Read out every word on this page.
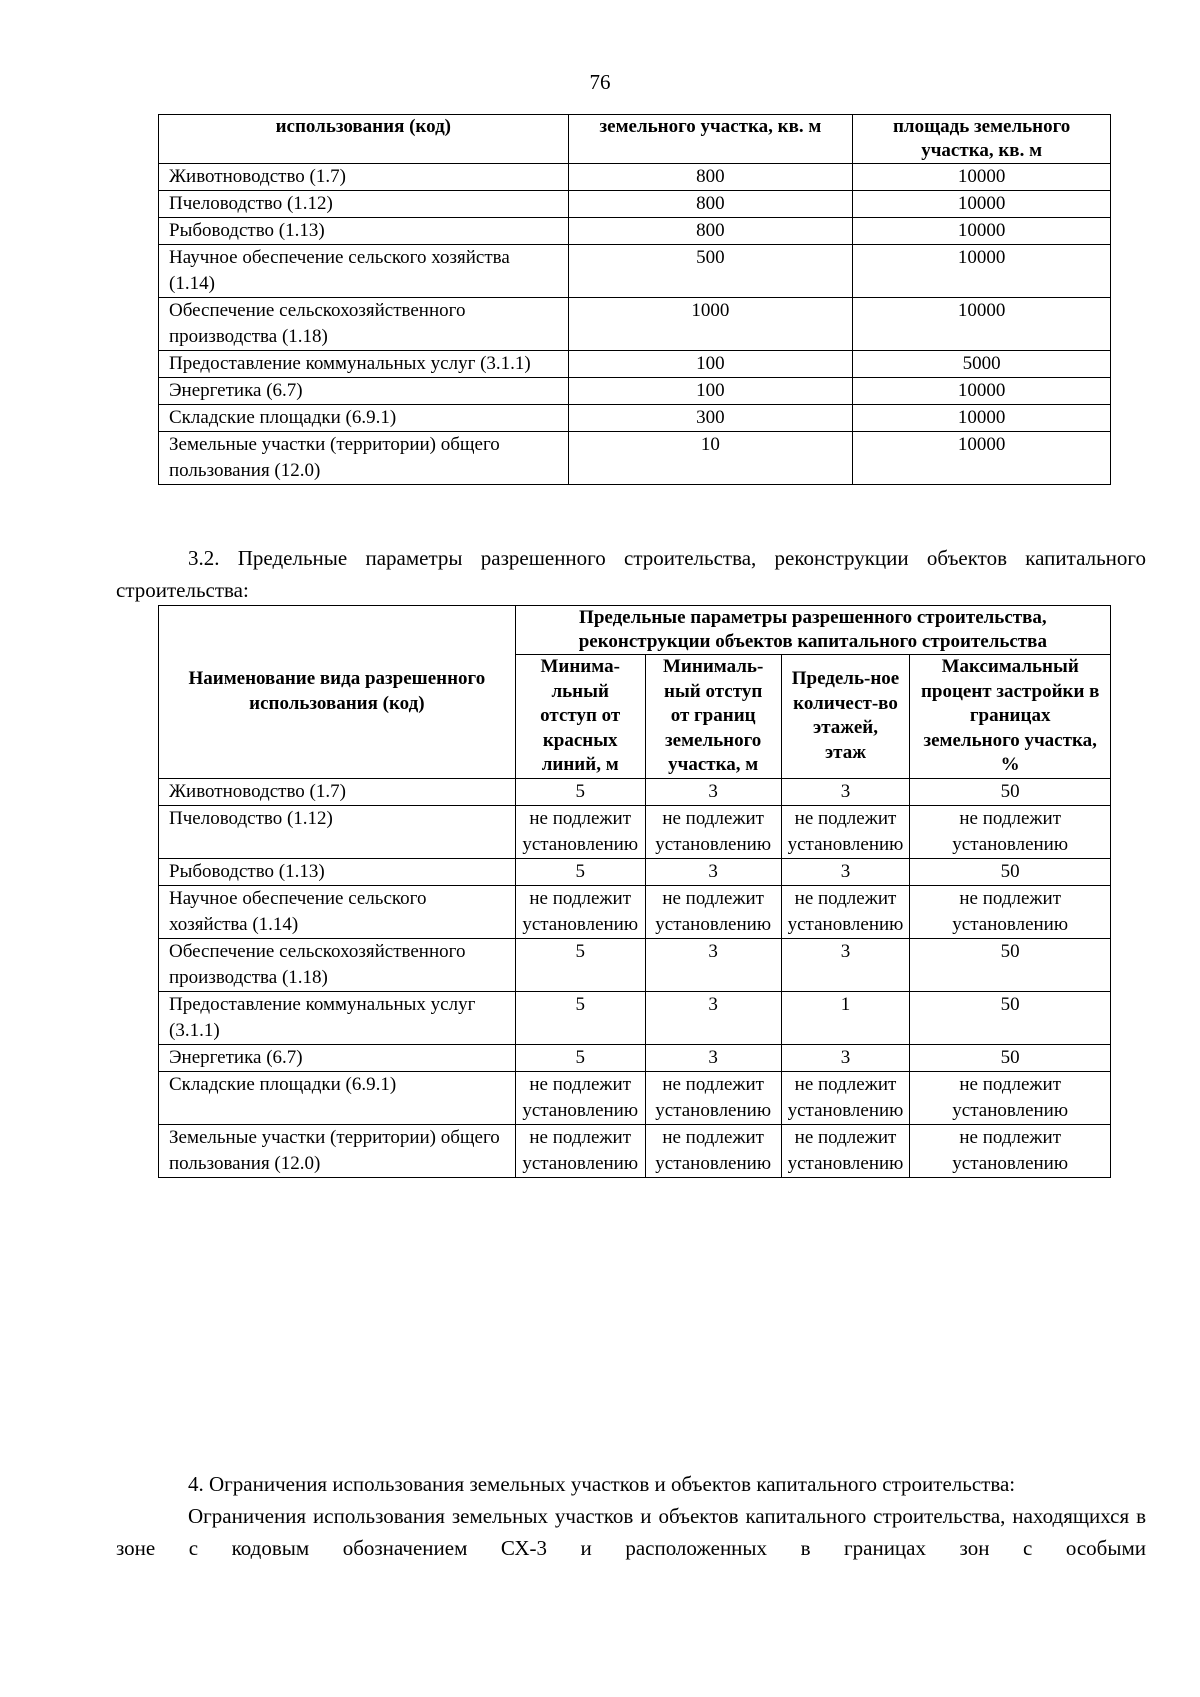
76
использования (код)	земельного участка, кв. м	площадь земельного участка, кв. м
Животноводство (1.7)	800	10000
Пчеловодство (1.12)	800	10000
Рыбоводство (1.13)	800	10000
Научное обеспечение сельского хозяйства (1.14)	500	10000
Обеспечение сельскохозяйственного производства (1.18)	1000	10000
Предоставление коммунальных услуг (3.1.1)	100	5000
Энергетика (6.7)	100	10000
Складские площадки (6.9.1)	300	10000
Земельные участки (территории) общего пользования (12.0)	10	10000
3.2. Предельные параметры разрешенного строительства, реконструкции объектов капитального строительства:
Наименование вида разрешенного использования (код)	Предельные параметры разрешенного строительства, реконструкции объектов капитального строительства			
	Минима-льный отступ от красных линий, м	Минималь-ный отступ от границ земельного участка, м	Предель-ное количест-во этажей, этаж	Максимальный процент застройки в границах земельного участка, %
Животноводство (1.7)	5	3	3	50
Пчеловодство (1.12)	не подлежит установлению	не подлежит установлению	не подлежит установлению	не подлежит установлению
Рыбоводство (1.13)	5	3	3	50
Научное обеспечение сельского хозяйства (1.14)	не подлежит установлению	не подлежит установлению	не подлежит установлению	не подлежит установлению
Обеспечение сельскохозяйственного производства (1.18)	5	3	3	50
Предоставление коммунальных услуг (3.1.1)	5	3	1	50
Энергетика (6.7)	5	3	3	50
Складские площадки (6.9.1)	не подлежит установлению	не подлежит установлению	не подлежит установлению	не подлежит установлению
Земельные участки (территории) общего пользования (12.0)	не подлежит установлению	не подлежит установлению	не подлежит установлению	не подлежит установлению
4. Ограничения использования земельных участков и объектов капитального строительства:
Ограничения использования земельных участков и объектов капитального строительства, находящихся в зоне с кодовым обозначением СХ-3 и расположенных в границах зон с особыми
